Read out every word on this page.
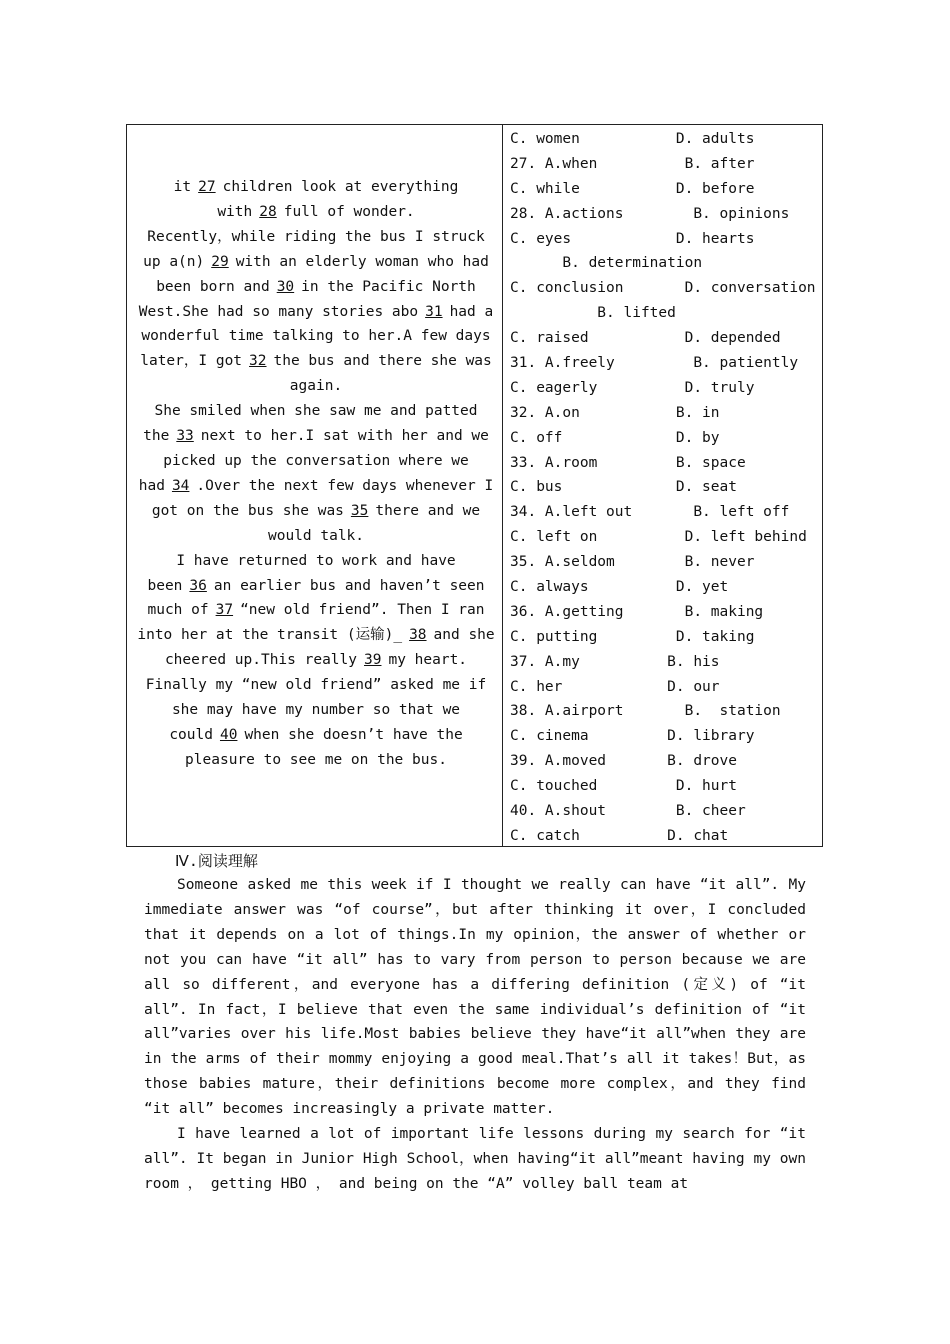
it 27 children look at everything with 28 full of wonder.

Recently，while riding the bus I struck up a(n) 29 with an elderly woman who had been born and 30 in the Pacific North West.She had so many stories abo 31 had a wonderful time talking to her.A few days later，I got 32 the bus and there she was again.

She smiled when she saw me and patted the 33 next to her.I sat with her and we picked up the conversation where we had 34 .Over the next few days whenever I got on the bus she was 35 there and we would talk.

I have returned to work and have been 36 an earlier bus and haven’t seen much of 37 “new old friend”. Then I ran into her at the transit (运输)_ 38 and she cheered up.This really 39 my heart.

Finally my “new old friend” asked me if she may have my number so that we could 40 when she doesn’t have the pleasure to see me on the bus.

C. women           D. adults
27. A.when          B. after
C. while           D. before
28. A.actions        B. opinions
C. eyes            D. hearts
B. determination
C. conclusion       D. conversation
B. lifted
C. raised           D. depended
31. A.freely         B. patiently
C. eagerly          D. truly
32. A.on           B. in
C. off             D. by
33. A.room         B. space
C. bus             D. seat
34. A.left out       B. left off
C. left on          D. left behind
35. A.seldom        B. never
C. always          D. yet
36. A.getting       B. making
C. putting         D. taking
37. A.my          B. his
C. her            D. our
38. A.airport       B.  station
C. cinema         D. library
39. A.moved       B. drove
C. touched         D. hurt
40. A.shout        B. cheer
C. catch          D. chat
Ⅳ.阅读理解

Someone asked me this week if I thought we really can have “it all”. My immediate answer was “of course”，but after thinking it over，I concluded that it depends on a lot of things.In my opinion，the answer of whether or not you can have “it all” has to vary from person to person because we are all so different，and everyone has a differing definition (定义) of “it all”. In fact，I believe that even the same individual’s definition of “it all”varies over his life.Most babies believe they have“it all”when they are in the arms of their mommy enjoying a good meal.That’s all it takes！But，as those babies mature，their definitions become more complex，and they find “it all” becomes increasingly a private matter.

I have learned a lot of important life lessons during my search for “it all”. It began in Junior High School，when having“it all”meant having my own room ， getting HBO ， and being on the “A” volley ball team at
